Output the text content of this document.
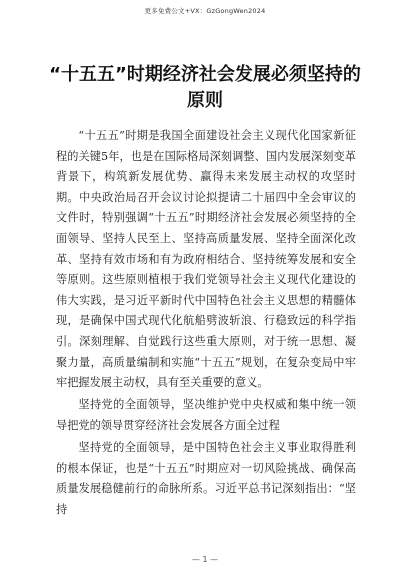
更多免费公文+VX：GzGongWen2024
“十五五”时期经济社会发展必须坚持的
原则

“十五五”时期是我国全面建设社会主义现代化国家新征程的关键5年，也是在国际格局深刻调整、国内发展深刻变革背景下，构筑新发展优势、赢得未来发展主动权的攻坚时期。中央政治局召开会议讨论拟提请二十届四中全会审议的文件时，特别强调“十五五”时期经济社会发展必须坚持的全面领导、坚持人民至上、坚持高质量发展、坚持全面深化改革、坚持有效市场和有为政府相结合、坚持统筹发展和安全等原则。这些原则植根于我们党领导社会主义现代化建设的伟大实践，是习近平新时代中国特色社会主义思想的精髓体现，是确保中国式现代化航船劈波斩浪、行稳致远的科学指引。深刻理解、自觉践行这些重大原则，对于统一思想、凝聚力量，高质量编制和实施“十五五”规划，在复杂变局中牢牢把握发展主动权，具有至关重要的意义。

坚持党的全面领导，坚决维护党中央权威和集中统一领导把党的领导贯穿经济社会发展各方面全过程

坚持党的全面领导，是中国特色社会主义事业取得胜利的根本保证，也是“十五五”时期应对一切风险挑战、确保高质量发展稳健前行的命脉所系。习近平总书记深刻指出：“坚持

— 1 —
